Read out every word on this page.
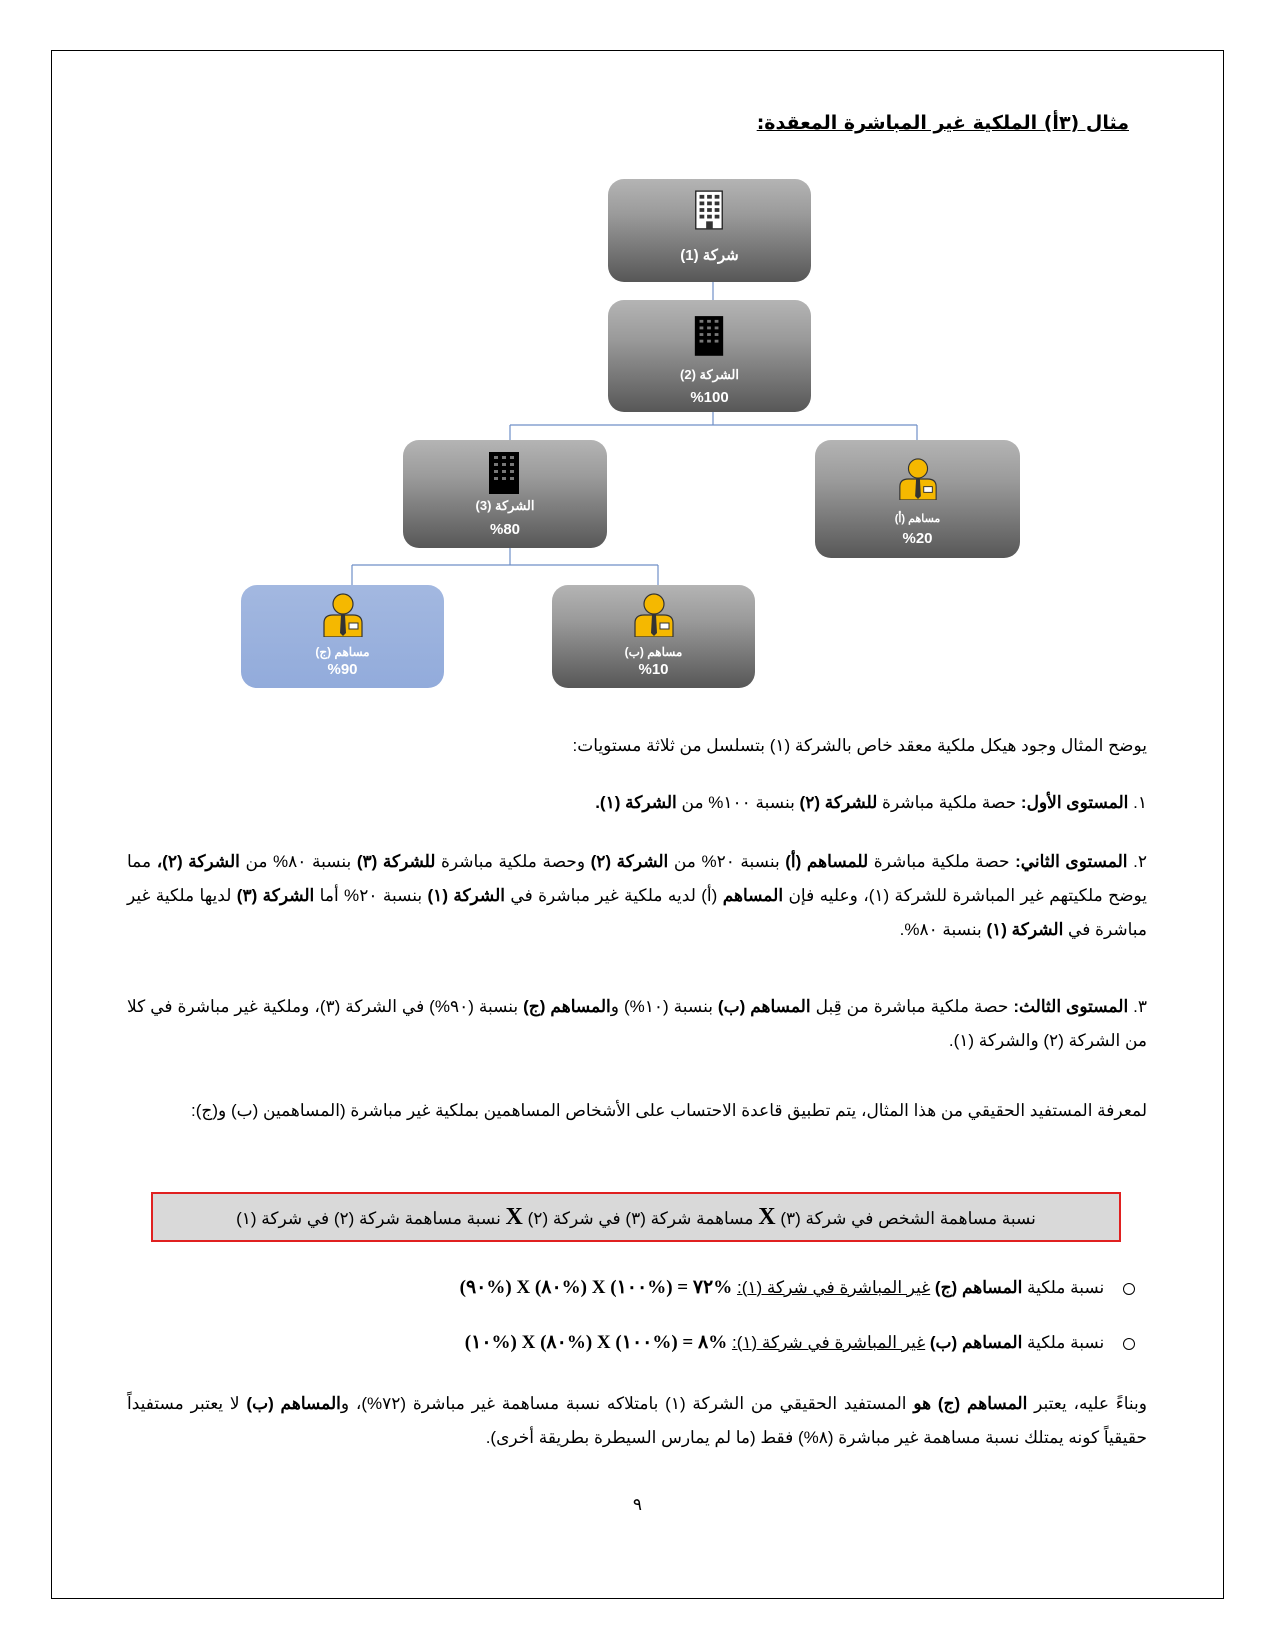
مثال (٣أ) الملكية غير المباشرة المعقدة:
شركة (1)
الشركة (2)
%100
الشركة (3)
%80
مساهم (أ)
%20
مساهم (ج)
%90
مساهم (ب)
%10
يوضح المثال وجود هيكل ملكية معقد خاص بالشركة (١) بتسلسل من ثلاثة مستويات:
١. المستوى الأول: حصة ملكية مباشرة للشركة (٢) بنسبة ١٠٠% من الشركة (١).
٢. المستوى الثاني: حصة ملكية مباشرة للمساهم (أ) بنسبة ٢٠% من الشركة (٢) وحصة ملكية مباشرة للشركة (٣) بنسبة ٨٠% من الشركة (٢)، مما يوضح ملكيتهم غير المباشرة للشركة (١)، وعليه فإن المساهم (أ) لديه ملكية غير مباشرة في الشركة (١) بنسبة ٢٠% أما الشركة (٣) لديها ملكية غير مباشرة في الشركة (١) بنسبة ٨٠%.
٣. المستوى الثالث: حصة ملكية مباشرة من قِبل المساهم (ب) بنسبة (١٠%) والمساهم (ج) بنسبة (٩٠%) في الشركة (٣)، وملكية غير مباشرة في كلا من الشركة (٢) والشركة (١).
لمعرفة المستفيد الحقيقي من هذا المثال، يتم تطبيق قاعدة الاحتساب على الأشخاص المساهمين بملكية غير مباشرة (المساهمين (ب) و(ج):
نسبة مساهمة الشخص في شركة (٣) X مساهمة شركة (٣) في شركة (٢) X نسبة مساهمة شركة (٢) في شركة (١)
نسبة ملكية المساهم (ج) غير المباشرة في شركة (١): (٩٠%) X (٨٠%) X (١٠٠%) = ٧٢%
نسبة ملكية المساهم (ب) غير المباشرة في شركة (١): (١٠%) X (٨٠%) X (١٠٠%) = ٨%
وبناءً عليه، يعتبر المساهم (ج) هو المستفيد الحقيقي من الشركة (١) بامتلاكه نسبة مساهمة غير مباشرة (٧٢%)، والمساهم (ب) لا يعتبر مستفيداً حقيقياً كونه يمتلك نسبة مساهمة غير مباشرة (٨%) فقط (ما لم يمارس السيطرة بطريقة أخرى).
٩
